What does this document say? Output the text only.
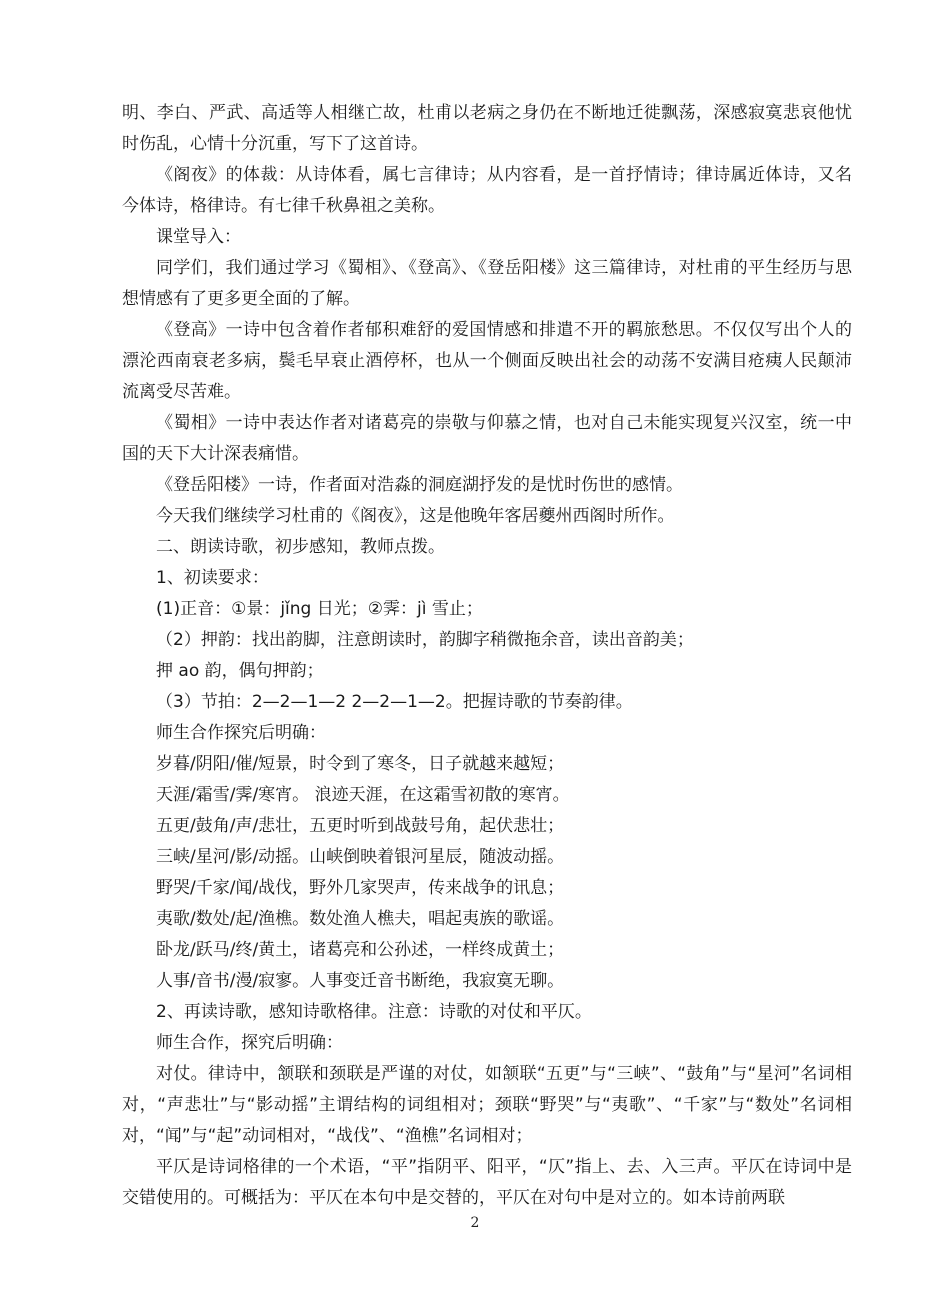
明、李白、严武、高适等人相继亡故，杜甫以老病之身仍在不断地迁徙飘荡，深感寂寞悲哀他忧时伤乱，心情十分沉重，写下了这首诗。

《阁夜》的体裁：从诗体看，属七言律诗；从内容看，是一首抒情诗；律诗属近体诗，又名今体诗，格律诗。有七律千秋鼻祖之美称。

课堂导入：

同学们，我们通过学习《蜀相》、《登高》、《登岳阳楼》这三篇律诗，对杜甫的平生经历与思想情感有了更多更全面的了解。

《登高》一诗中包含着作者郁积难舒的爱国情感和排遣不开的羁旅愁思。不仅仅写出个人的漂沦西南衰老多病，鬓毛早衰止酒停杯，也从一个侧面反映出社会的动荡不安满目疮痍人民颠沛流离受尽苦难。

《蜀相》一诗中表达作者对诸葛亮的崇敬与仰慕之情，也对自己未能实现复兴汉室，统一中国的天下大计深表痛惜。

《登岳阳楼》一诗，作者面对浩淼的洞庭湖抒发的是忧时伤世的感情。

今天我们继续学习杜甫的《阁夜》，这是他晚年客居夔州西阁时所作。

二、朗读诗歌，初步感知，教师点拨。

1、初读要求：

(1)正音：①景：jǐng 日光；②霁：jì 雪止；

（2）押韵：找出韵脚，注意朗读时，韵脚字稍微拖余音，读出音韵美；

押 ao 韵，偶句押韵；

（3）节拍：2—2—1—2 2—2—1—2。把握诗歌的节奏韵律。

师生合作探究后明确：

岁暮/阴阳/催/短景，时令到了寒冬，日子就越来越短；

天涯/霜雪/霁/寒宵。 浪迹天涯，在这霜雪初散的寒宵。

五更/鼓角/声/悲壮，五更时听到战鼓号角，起伏悲壮；

三峡/星河/影/动摇。山峡倒映着银河星辰，随波动摇。

野哭/千家/闻/战伐，野外几家哭声，传来战争的讯息；

夷歌/数处/起/渔樵。数处渔人樵夫，唱起夷族的歌谣。

卧龙/跃马/终/黄土，诸葛亮和公孙述，一样终成黄土；

人事/音书/漫/寂寥。人事变迁音书断绝，我寂寞无聊。

2、再读诗歌，感知诗歌格律。注意：诗歌的对仗和平仄。

师生合作，探究后明确：

对仗。律诗中，颔联和颈联是严谨的对仗，如颔联“五更”与“三峡”、“鼓角”与“星河”名词相对，“声悲壮”与“影动摇”主谓结构的词组相对；颈联“野哭”与“夷歌”、“千家”与“数处”名词相对，“闻”与“起”动词相对，“战伐”、“渔樵”名词相对；

平仄是诗词格律的一个术语，“平”指阴平、阳平，“仄”指上、去、入三声。平仄在诗词中是交错使用的。可概括为：平仄在本句中是交替的，平仄在对句中是对立的。如本诗前两联

2
